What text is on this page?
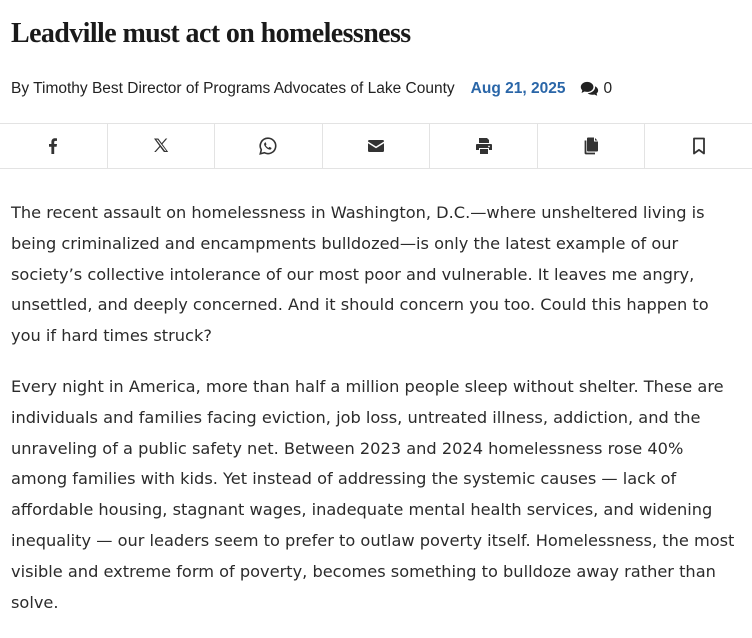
Leadville must act on homelessness
By Timothy Best Director of Programs Advocates of Lake County Aug 21, 2025 0

The recent assault on homelessness in Washington, D.C.—where unsheltered living is being criminalized and encampments bulldozed—is only the latest example of our society’s collective intolerance of our most poor and vulnerable. It leaves me angry, unsettled, and deeply concerned. And it should concern you too. Could this happen to you if hard times struck?

Every night in America, more than half a million people sleep without shelter. These are individuals and families facing eviction, job loss, untreated illness, addiction, and the unraveling of a public safety net. Between 2023 and 2024 homelessness rose 40% among families with kids. Yet instead of addressing the systemic causes — lack of affordable housing, stagnant wages, inadequate mental health services, and widening inequality — our leaders seem to prefer to outlaw poverty itself. Homelessness, the most visible and extreme form of poverty, becomes something to bulldoze away rather than solve.
